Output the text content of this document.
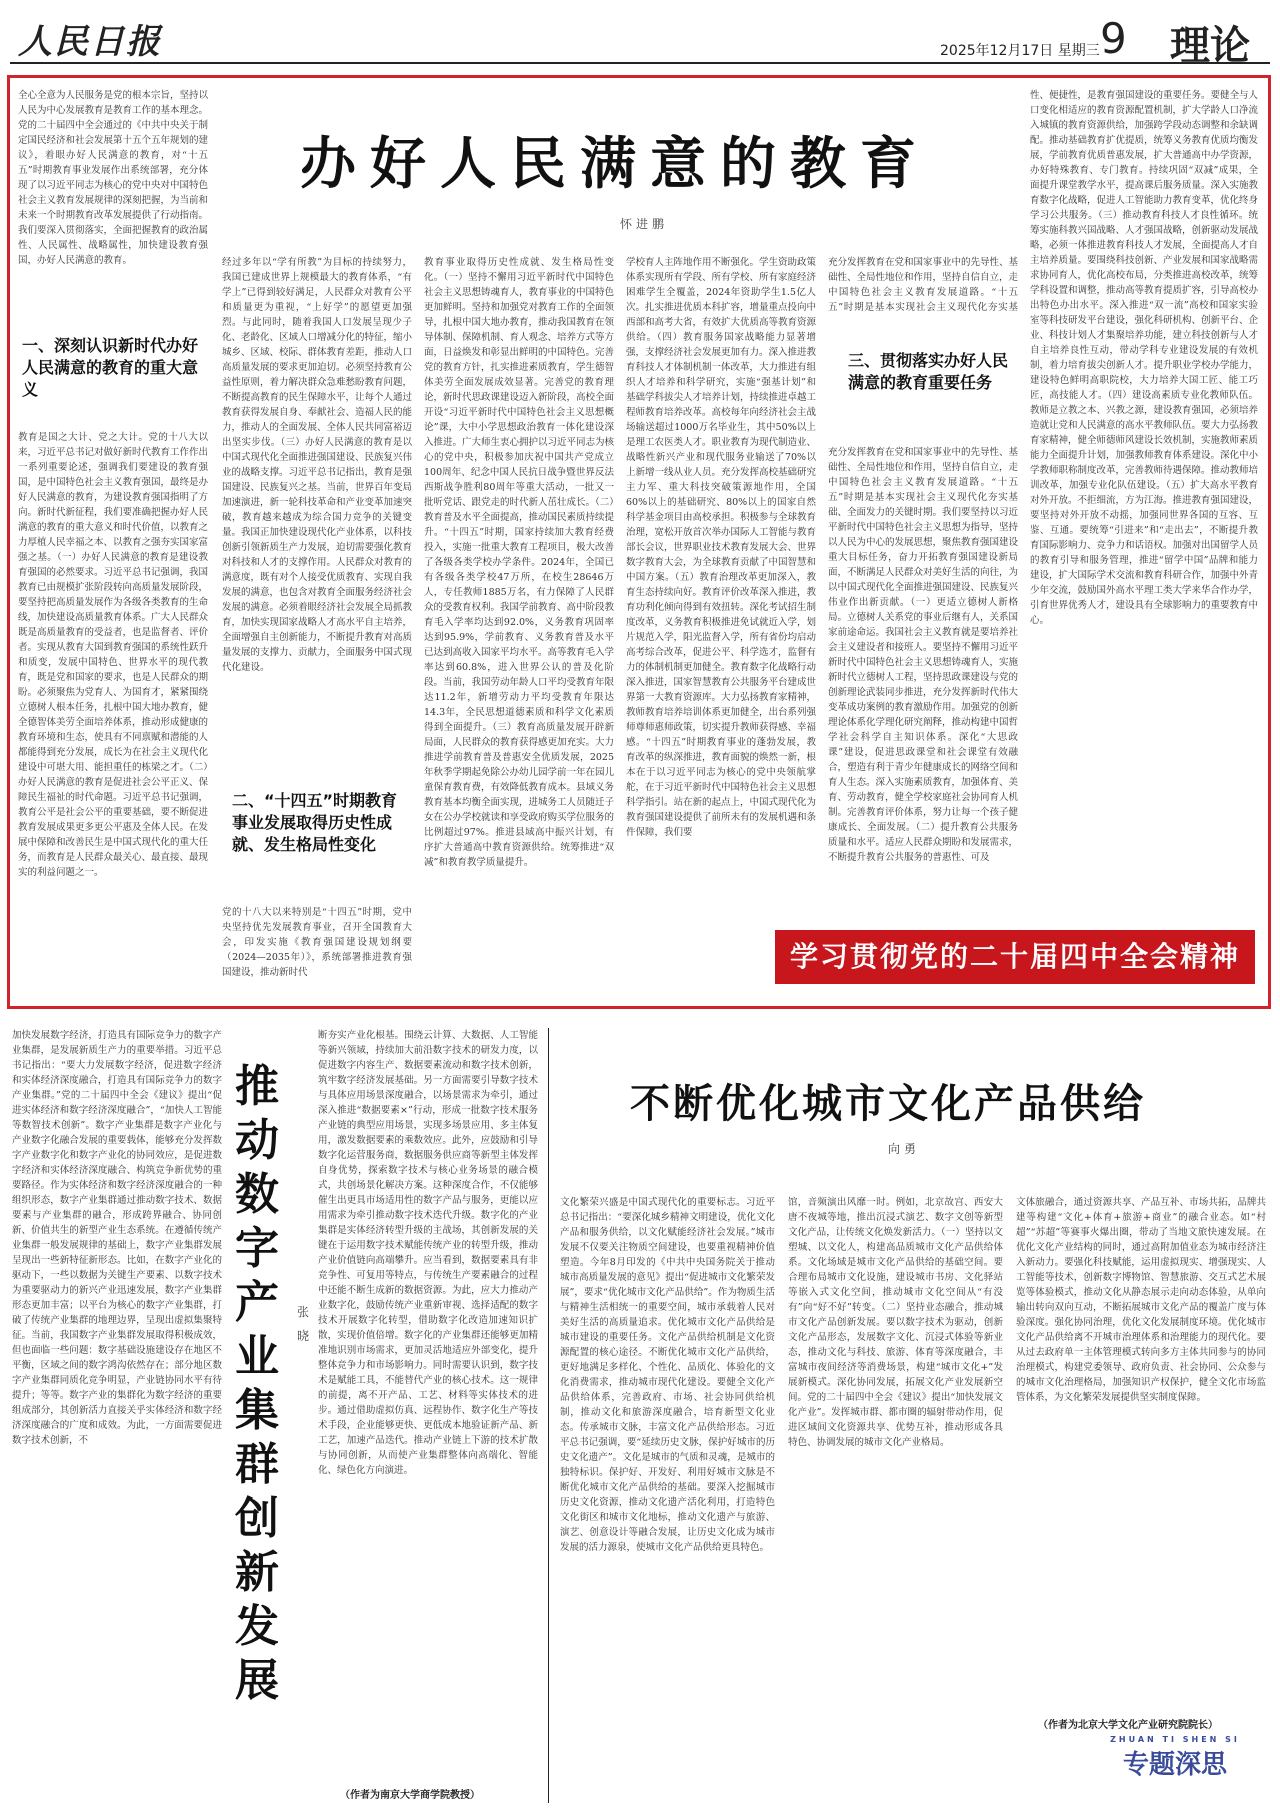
人民日报	2025年12月17日 星期三 9 理论
全心全意为人民服务是党的根本宗旨，坚持以人民为中心发展教育是教育工作的基本理念。党的二十届四中全会通过的《中共中央关于制定国民经济和社会发展第十五个五年规划的建议》，着眼办好人民满意的教育，对“十五五”时期教育事业发展作出系统部署，充分体现了以习近平同志为核心的党中央对中国特色社会主义教育发展规律的深刻把握，为当前和未来一个时期教育改革发展提供了行动指南。我们要深入贯彻落实，全面把握教育的政治属性、人民属性、战略属性，加快建设教育强国，办好人民满意的教育。
办好人民满意的教育
怀进鹏
一、深刻认识新时代办好人民满意的教育的重大意义
教育是国之大计、党之大计。党的十八大以来，习近平总书记对做好新时代教育工作作出一系列重要论述，强调我们要建设的教育强国，是中国特色社会主义教育强国，最终是办好人民满意的教育，为建设教育强国指明了方向。新时代新征程，我们要准确把握办好人民满意的教育的重大意义和时代价值，以教育之力厚植人民幸福之本、以教育之强夯实国家富强之基。（一）办好人民满意的教育是建设教育强国的必然要求。习近平总书记强调，我国教育已由规模扩张阶段转向高质量发展阶段，要坚持把高质量发展作为各级各类教育的生命线，加快建设高质量教育体系。广大人民群众既是高质量教育的受益者，也是监督者、评价者。实现从教育大国到教育强国的系统性跃升和质变，发展中国特色、世界水平的现代教育，既是党和国家的要求，也是人民群众的期盼。必须聚焦为党育人、为国育才，紧紧围绕立德树人根本任务，扎根中国大地办教育，健全德智体美劳全面培养体系，推动形成健康的教育环境和生态，使具有不同禀赋和潜能的人都能得到充分发展，成长为在社会主义现代化建设中可堪大用、能担重任的栋梁之才。（二）办好人民满意的教育是促进社会公平正义、保障民生福祉的时代命题。习近平总书记强调，教育公平是社会公平的重要基础，要不断促进教育发展成果更多更公平惠及全体人民。在发展中保障和改善民生是中国式现代化的重大任务，而教育是人民群众最关心、最直接、最现实的利益问题之一。
经过多年以“学有所教”为目标的持续努力，我国已建成世界上规模最大的教育体系，“有学上”已得到较好满足，人民群众对教育公平和质量更为重视，“上好学”的愿望更加强烈。与此同时，随着我国人口发展呈现少子化、老龄化、区域人口增减分化的特征，缩小城乡、区域、校际、群体教育差距，推动人口高质量发展的要求更加迫切。必须坚持教育公益性原则，着力解决群众急难愁盼教育问题，不断提高教育的民生保障水平，让每个人通过教育获得发展自身、奉献社会、造福人民的能力，推动人的全面发展、全体人民共同富裕迈出坚实步伐。（三）办好人民满意的教育是以中国式现代化全面推进强国建设、民族复兴伟业的战略支撑。习近平总书记指出，教育是强国建设、民族复兴之基。当前，世界百年变局加速演进，新一轮科技革命和产业变革加速突破，教育越来越成为综合国力竞争的关键变量。我国正加快建设现代化产业体系，以科技创新引领新质生产力发展，迫切需要强化教育对科技和人才的支撑作用。人民群众对教育的满意度，既有对个人接受优质教育、实现自我发展的满意，也包含对教育全面服务经济社会发展的满意。必须着眼经济社会发展全局抓教育，加快实现国家战略人才高水平自主培养，全面增强自主创新能力，不断提升教育对高质量发展的支撑力、贡献力，全面服务中国式现代化建设。
二、“十四五”时期教育事业发展取得历史性成就、发生格局性变化
党的十八大以来特别是“十四五”时期，党中央坚持优先发展教育事业，召开全国教育大会，印发实施《教育强国建设规划纲要（2024—2035年）》，系统部署推进教育强国建设，推动新时代
教育事业取得历史性成就、发生格局性变化。（一）坚持不懈用习近平新时代中国特色社会主义思想铸魂育人，教育事业的中国特色更加鲜明。坚持和加强党对教育工作的全面领导，扎根中国大地办教育，推动我国教育在领导体制、保障机制、育人观念、培养方式等方面，日益焕发和彰显出鲜明的中国特色。完善党的教育方针，扎实推进素质教育，学生德智体美劳全面发展成效显著。完善党的教育理论，新时代思政课建设迈入新阶段，高校全面开设“习近平新时代中国特色社会主义思想概论”课，大中小学思想政治教育一体化建设深入推进。广大师生衷心拥护以习近平同志为核心的党中央，积极参加庆祝中国共产党成立100周年、纪念中国人民抗日战争暨世界反法西斯战争胜利80周年等重大活动，一批又一批听党话、跟党走的时代新人茁壮成长。（二）教育普及水平全面提高，推动国民素质持续提升。“十四五”时期，国家持续加大教育经费投入，实施一批重大教育工程项目，极大改善了各级各类学校办学条件。2024年，全国已有各级各类学校47万所，在校生28646万人，专任教师1885万名，有力保障了人民群众的受教育权利。我国学前教育、高中阶段教育毛入学率均达到92.0%，义务教育巩固率达到95.9%，学前教育、义务教育普及水平已达到高收入国家平均水平。高等教育毛入学率达到60.8%，进入世界公认的普及化阶段。当前，我国劳动年龄人口平均受教育年限达11.2年，新增劳动力平均受教育年限达14.3年，全民思想道德素质和科学文化素质得到全面提升。（三）教育高质量发展开辟新局面，人民群众的教育获得感更加充实。大力推进学前教育普及普惠安全优质发展，2025年秋季学期起免除公办幼儿园学前一年在园儿童保育教育费，有效降低教育成本。县域义务教育基本均衡全面实现，进城务工人员随迁子女在公办学校就读和享受政府购买学位服务的比例超过97%。推进县域高中振兴计划，有序扩大普通高中教育资源供给。统筹推进“双减”和教育教学质量提升。
学校育人主阵地作用不断强化。学生资助政策体系实现所有学段、所有学校、所有家庭经济困难学生全覆盖，2024年资助学生1.5亿人次。扎实推进优质本科扩容，增量重点投向中西部和高考大省，有效扩大优质高等教育资源供给。（四）教育服务国家战略能力显著增强，支撑经济社会发展更加有力。深入推进教育科技人才体制机制一体改革，大力推进有组织人才培养和科学研究，实施“强基计划”和基础学科拔尖人才培养计划，持续推进卓越工程师教育培养改革。高校每年向经济社会主战场输送超过1000万名毕业生，其中50%以上是理工农医类人才。职业教育为现代制造业、战略性新兴产业和现代服务业输送了70%以上新增一线从业人员。充分发挥高校基础研究主力军、重大科技突破策源地作用，全国60%以上的基础研究、80%以上的国家自然科学基金项目由高校承担。积极参与全球教育治理，宽松开放首次举办国际人工智能与教育部长会议，世界职业技术教育发展大会、世界数字教育大会，为全球教育贡献了中国智慧和中国方案。（五）教育治理改革更加深入，教育生态持续向好。教育评价改革深入推进，教育功利化倾向得到有效扭转。深化考试招生制度改革，义务教育积极推进免试就近入学，划片规范入学，阳光监督入学，所有省份均启动高考综合改革，促进公平、科学选才，监督有力的体制机制更加健全。教育数字化战略行动深入推进，国家智慧教育公共服务平台建成世界第一大教育资源库。大力弘扬教育家精神，教师教育培养培训体系更加健全，出台系列强师尊师惠师政策，切实提升教师获得感、幸福感。“十四五”时期教育事业的蓬勃发展，教育改革的纵深推进，教育面貌的焕然一新，根本在于以习近平同志为核心的党中央领航掌舵，在于习近平新时代中国特色社会主义思想科学指引。站在新的起点上，中国式现代化为教育强国建设提供了前所未有的发展机遇和条件保障，我们要
充分发挥教育在党和国家事业中的先导性、基础性、全局性地位和作用，坚持自信自立，走中国特色社会主义教育发展道路。“十五五”时期是基本实现社会主义现代化夯实基
三、贯彻落实办好人民满意的教育重要任务
充分发挥教育在党和国家事业中的先导性、基础性、全局性地位和作用，坚持自信自立，走中国特色社会主义教育发展道路。“十五五”时期是基本实现社会主义现代化夯实基础、全面发力的关键时期。我们要坚持以习近平新时代中国特色社会主义思想为指导，坚持以人民为中心的发展思想，聚焦教育强国建设重大目标任务，奋力开拓教育强国建设新局面，不断满足人民群众对美好生活的向往，为以中国式现代化全面推进强国建设、民族复兴伟业作出新贡献。（一）更适立德树人新格局。立德树人关系党的事业后继有人，关系国家前途命运。我国社会主义教育就是要培养社会主义建设者和接班人。要坚持不懈用习近平新时代中国特色社会主义思想铸魂育人，实施新时代立德树人工程，坚持思政课建设与党的创新理论武装同步推进，充分发挥新时代伟大变革成功案例的教育激励作用。加强党的创新理论体系化学理化研究阐释，推动构建中国哲学社会科学自主知识体系。深化“大思政课”建设，促进思政课堂和社会课堂有效融合，塑造有利于青少年健康成长的网络空间和育人生态。深入实施素质教育，加强体育、美育、劳动教育，健全学校家庭社会协同育人机制。完善教育评价体系，努力让每一个孩子健康成长、全面发展。（二）提升教育公共服务质量和水平。适应人民群众期盼和发展需求，不断提升教育公共服务的普惠性、可及
性、便捷性，是教育强国建设的重要任务。要健全与人口变化相适应的教育资源配置机制，扩大学龄人口净流入城镇的教育资源供给，加强跨学段动态调整和余缺调配。推动基础教育扩优提质，统筹义务教育优质均衡发展，学前教育优质普惠发展，扩大普通高中办学资源，办好特殊教育、专门教育。持续巩固“双减”成果，全面提升课堂教学水平，提高课后服务质量。深入实施教育数字化战略，促进人工智能助力教育变革，优化终身学习公共服务。（三）推动教育科技人才良性循环。统筹实施科教兴国战略、人才强国战略，创新驱动发展战略，必须一体推进教育科技人才发展，全面提高人才自主培养质量。要围绕科技创新、产业发展和国家战略需求协同育人，优化高校布局，分类推进高校改革，统筹学科设置和调整，推动高等教育提质扩容，引导高校办出特色办出水平。深入推进“双一流”高校和国家实验室等科技研发平台建设，强化科研机构、创新平台、企业、科技计划人才集聚培养功能，建立科技创新与人才自主培养良性互动，带动学科专业建设发展的有效机制，着力培育拔尖创新人才。提升职业学校办学能力，建设特色鲜明高职院校，大力培养大国工匠、能工巧匠，高技能人才。（四）建设高素质专业化教师队伍。教师是立教之本、兴教之源，建设教育强国，必须培养造就让党和人民满意的高水平教师队伍。要大力弘扬教育家精神，健全师德师风建设长效机制，实施教师素质能力全面提升计划，加强教师教育体系建设。深化中小学教师职称制度改革，完善教师待遇保障。推动教师培训改革，加强专业化队伍建设。（五）扩大高水平教育对外开放。不拒细流，方为江海。推进教育强国建设，要坚持对外开放不动摇，加强同世界各国的互容、互鉴、互通。要统筹“引进来”和“走出去”，不断提升教育国际影响力、竞争力和话语权。加强对出国留学人员的教育引导和服务管理，推进“留学中国”品牌和能力建设，扩大国际学术交流和教育科研合作，加强中外青少年交流，鼓励国外高水平理工类大学来华合作办学，引育世界优秀人才，建设具有全球影响力的重要教育中心。
学习贯彻党的二十届四中全会精神
加快发展数字经济，打造具有国际竞争力的数字产业集群，是发展新质生产力的重要举措。习近平总书记指出：“要大力发展数字经济，促进数字经济和实体经济深度融合，打造具有国际竞争力的数字产业集群。”党的二十届四中全会《建议》提出“促进实体经济和数字经济深度融合”，“加快人工智能等数智技术创新”。数字产业集群是数字产业化与产业数字化融合发展的重要载体，能够充分发挥数字产业数字化和数字产业化的协同效应，是促进数字经济和实体经济深度融合、构筑竞争新优势的重要路径。作为实体经济和数字经济深度融合的一种组织形态，数字产业集群通过推动数字技术、数据要素与产业集群的融合，形成跨界融合、协同创新、价值共生的新型产业生态系统。在遵循传统产业集群一般发展规律的基础上，数字产业集群发展呈现出一些新特征新形态。比如，在数字产业化的驱动下，一些以数据为关键生产要素、以数字技术为重要驱动力的新兴产业迅速发展，数字产业集群形态更加丰富；以平台为核心的数字产业集群，打破了传统产业集群的地理边界，呈现出虚拟集聚特征。当前，我国数字产业集群发展取得积极成效，但也面临一些问题：数字基础设施建设存在地区不平衡，区域之间的数字鸿沟依然存在；部分地区数字产业集群同质化竞争明显，产业链协同水平有待提升；等等。数字产业的集群化为数字经济的重要组成部分，其创新活力直接关乎实体经济和数字经济深度融合的广度和成效。为此，一方面需要促进数字技术创新，不
推动数字产业集群创新发展
张晓
断夯实产业化根基。围绕云计算、大数据、人工智能等新兴领域，持续加大前沿数字技术的研发力度，以促进数字内容生产、数据要素流动和数字技术创新，筑牢数字经济发展基础。另一方面需要引导数字技术与具体应用场景深度融合，以场景需求为牵引，通过深入推进“数据要素×”行动，形成一批数字技术服务产业链的典型应用场景，实现多场景应用、多主体复用，激发数据要素的乘数效应。此外，应鼓励和引导数字化运营服务商，数据服务供应商等新型主体发挥自身优势，探索数字技术与核心业务场景的融合模式，共创场景化解决方案。这种深度合作，不仅能够催生出更具市场适用性的数字产品与服务，更能以应用需求为牵引推动数字技术迭代升级。数字化的产业集群是实体经济转型升级的主战场，其创新发展的关键在于运用数字技术赋能传统产业的转型升级，推动产业价值链向高端攀升。应当看到，数据要素具有非竞争性、可复用等特点，与传统生产要素融合的过程中还能不断生成新的数据资源。为此，应大力推动产业数字化，鼓励传统产业重新审视、选择适配的数字技术开展数字化转型，借助数字化改造加速知识扩散，实现价值倍增。数字化的产业集群还能够更加精准地识别市场需求，更加灵活地适应外部变化，提升整体竞争力和市场影响力。同时需要认识到，数字技术是赋能工具，不能替代产业的核心技术。这一规律的前提，离不开产品、工艺、材料等实体技术的进步。通过借助虚拟仿真、远程协作、数字化生产等技术手段，企业能够更快、更低成本地验证新产品、新工艺，加速产品迭代。推动产业链上下游的技术扩散与协同创新，从而使产业集群整体向高端化、智能化、绿色化方向演进。
（作者为南京大学商学院教授）
不断优化城市文化产品供给
向勇
文化繁荣兴盛是中国式现代化的重要标志。习近平总书记指出：“要深化城乡精神文明建设，优化文化产品和服务供给，以文化赋能经济社会发展。”城市发展不仅要关注物质空间建设，也要重视精神价值塑造。今年8月印发的《中共中央国务院关于推动城市高质量发展的意见》提出“促进城市文化繁荣发展”，要求“优化城市文化产品供给”。作为物质生活与精神生活相统一的重要空间，城市承载着人民对美好生活的高质量追求。优化城市文化产品供给是城市建设的重要任务。文化产品供给机制是文化资源配置的核心途径。不断优化城市文化产品供给，更好地满足多样化、个性化、品质化、体验化的文化消费需求，推动城市现代化建设。要健全文化产品供给体系，完善政府、市场、社会协同供给机制，推动文化和旅游深度融合，培育新型文化业态。传承城市文脉，丰富文化产品供给形态。习近平总书记强调，要“延续历史文脉，保护好城市的历史文化遗产”。文化是城市的气质和灵魂，是城市的独特标识。保护好、开发好、利用好城市文脉是不断优化城市文化产品供给的基础。要深入挖掘城市历史文化资源，推动文化遗产活化利用，打造特色文化街区和城市文化地标，推动文化遗产与旅游、演艺、创意设计等融合发展，让历史文化成为城市发展的活力源泉，使城市文化产品供给更具特色。
馆，音频演出风靡一时。例如，北京故宫、西安大唐不夜城等地，推出沉浸式演艺、数字文创等新型文化产品，让传统文化焕发新活力。（一）坚持以文塑城、以文化人，构建高品质城市文化产品供给体系。文化场域是城市文化产品供给的基础空间。要合理布局城市文化设施，建设城市书房、文化驿站等嵌入式文化空间，推动城市文化空间从“有没有”向“好不好”转变。（二）坚持业态融合，推动城市文化产品创新发展。要以数字技术为驱动，创新文化产品形态，发展数字文化、沉浸式体验等新业态，推动文化与科技、旅游、体育等深度融合，丰富城市夜间经济等消费场景，构建“城市文化+”发展新模式。深化协同发展，拓展文化产业发展新空间。党的二十届四中全会《建议》提出“加快发展文化产业”。发挥城市群、都市圈的辐射带动作用，促进区域间文化资源共享、优势互补，推动形成各具特色、协调发展的城市文化产业格局。
文体旅融合，通过资源共享、产品互补、市场共拓，品牌共建等构建“文化+体育+旅游+商业”的融合业态。如“村超”“苏超”等赛事火爆出圈，带动了当地文旅快速发展。在优化文化产业结构的同时，通过高附加值业态为城市经济注入新动力。要强化科技赋能，运用虚拟现实、增强现实、人工智能等技术，创新数字博物馆、智慧旅游、交互式艺术展览等体验模式，推动文化从静态展示走向动态体验，从单向输出转向双向互动，不断拓展城市文化产品的覆盖广度与体验深度。强化协同治理，优化文化发展制度环境。优化城市文化产品供给离不开城市治理体系和治理能力的现代化。要从过去政府单一主体管理模式转向多方主体共同参与的协同治理模式，构建党委领导、政府负责、社会协同、公众参与的城市文化治理格局，加强知识产权保护，健全文化市场监管体系，为文化繁荣发展提供坚实制度保障。
（作者为北京大学文化产业研究院院长）
ZHUAN TI SHEN SI
专题深思
